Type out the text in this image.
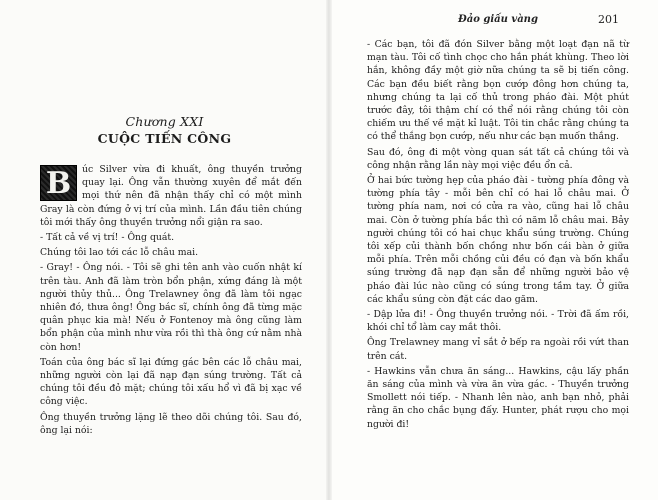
Đảo giấu vàng	201
Chương XXI
CUỘC TIẾN CÔNG
B	úc Silver vừa đi khuất, ông thuyền trưởng quay lại. Ông vẫn thường xuyên để mắt đến mọi thứ nên đã nhận thấy chỉ có một mình Gray là còn đứng ở vị trí của mình. Lần đầu tiên chúng tôi mới thấy ông thuyền trưởng nổi giận ra sao.

- Tất cả về vị trí! - Ông quát.

Chúng tôi lao tới các lỗ châu mai.

- Gray! - Ông nói. - Tôi sẽ ghi tên anh vào cuốn nhật kí trên tàu. Anh đã làm tròn bổn phận, xứng đáng là một người thủy thủ... Ông Trelawney ông đã làm tôi ngạc nhiên đó, thưa ông! Ông bác sĩ, chính ông đã từng mặc quân phục kia mà! Nếu ở Fontenoy mà ông cũng làm bổn phận của mình như vừa rồi thì thà ông cứ nằm nhà còn hơn!

Toán của ông bác sĩ lại đứng gác bên các lỗ châu mai, những người còn lại đã nạp đạn súng trường. Tất cả chúng tôi đều đỏ mặt; chúng tôi xấu hổ vì đã bị xạc về công việc.

Ông thuyền trưởng lặng lẽ theo dõi chúng tôi. Sau đó, ông lại nói:

- Các bạn, tôi đã đón Silver bằng một loạt đạn nã từ mạn tàu. Tôi cố tình chọc cho hắn phát khùng. Theo lời hắn, không đầy một giờ nữa chúng ta sẽ bị tiến công. Các bạn đều biết rằng bọn cướp đông hơn chúng ta, nhưng chúng ta lại cố thủ trong pháo đài. Một phút trước đây, tôi thậm chí có thể nói rằng chúng tôi còn chiếm ưu thế về mặt kỉ luật. Tôi tin chắc rằng chúng ta có thể thắng bọn cướp, nếu như các bạn muốn thắng.

Sau đó, ông đi một vòng quan sát tất cả chúng tôi và công nhận rằng lần này mọi việc đều ổn cả.

Ở hai bức tường hẹp của pháo đài - tường phía đông và tường phía tây - mỗi bên chỉ có hai lỗ châu mai. Ở tường phía nam, nơi có cửa ra vào, cũng hai lỗ châu mai. Còn ở tường phía bắc thì có năm lỗ châu mai. Bảy người chúng tôi có hai chục khẩu súng trường. Chúng tôi xếp củi thành bốn chồng như bốn cái bàn ở giữa mỗi phía. Trên mỗi chồng củi đều có đạn và bốn khẩu súng trường đã nạp đạn sẵn để những người bảo vệ pháo đài lúc nào cũng có súng trong tầm tay. Ở giữa các khẩu súng còn đặt các dao găm.

- Dập lửa đi! - Ông thuyền trưởng nói. - Trời đã ấm rồi, khói chỉ tổ làm cay mắt thôi.

Ông Trelawney mang vỉ sắt ở bếp ra ngoài rồi vứt than trên cát.

- Hawkins vẫn chưa ăn sáng... Hawkins, cậu lấy phần ăn sáng của mình và vừa ăn vừa gác. - Thuyền trưởng Smollett nói tiếp. - Nhanh lên nào, anh bạn nhỏ, phải rằng ăn cho chắc bụng đấy. Hunter, phát rượu cho mọi người đi!
